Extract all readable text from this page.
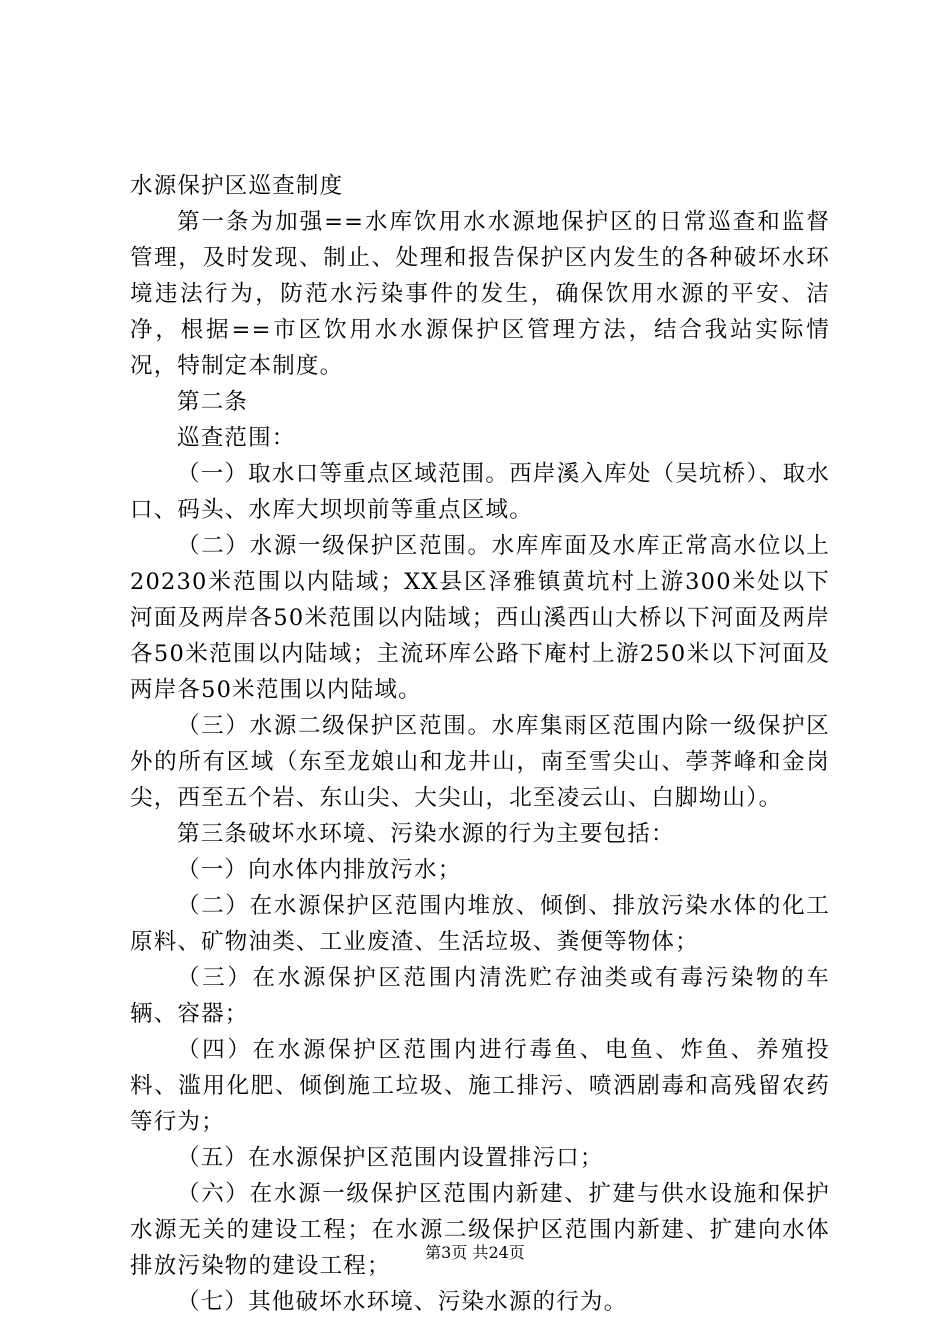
水源保护区巡查制度

第一条为加强==水库饮用水水源地保护区的日常巡查和监督管理，及时发现、制止、处理和报告保护区内发生的各种破坏水环境违法行为，防范水污染事件的发生，确保饮用水源的平安、洁净，根据==市区饮用水水源保护区管理方法，结合我站实际情况，特制定本制度。

第二条

巡查范围：

（一）取水口等重点区域范围。西岸溪入库处（吴坑桥）、取水口、码头、水库大坝坝前等重点区域。

（二）水源一级保护区范围。水库库面及水库正常高水位以上20230米范围以内陆域；XX县区泽雅镇黄坑村上游300米处以下河面及两岸各50米范围以内陆域；西山溪西山大桥以下河面及两岸各50米范围以内陆域；主流环库公路下庵村上游250米以下河面及两岸各50米范围以内陆域。

（三）水源二级保护区范围。水库集雨区范围内除一级保护区外的所有区域（东至龙娘山和龙井山，南至雪尖山、荸荠峰和金岗尖，西至五个岩、东山尖、大尖山，北至凌云山、白脚坳山）。

第三条破坏水环境、污染水源的行为主要包括：

（一）向水体内排放污水；

（二）在水源保护区范围内堆放、倾倒、排放污染水体的化工原料、矿物油类、工业废渣、生活垃圾、粪便等物体；

（三）在水源保护区范围内清洗贮存油类或有毒污染物的车辆、容器；

（四）在水源保护区范围内进行毒鱼、电鱼、炸鱼、养殖投料、滥用化肥、倾倒施工垃圾、施工排污、喷洒剧毒和高残留农药等行为；

（五）在水源保护区范围内设置排污口；

（六）在水源一级保护区范围内新建、扩建与供水设施和保护水源无关的建设工程；在水源二级保护区范围内新建、扩建向水体排放污染物的建设工程；

（七）其他破坏水环境、污染水源的行为。

第3页 共24页
